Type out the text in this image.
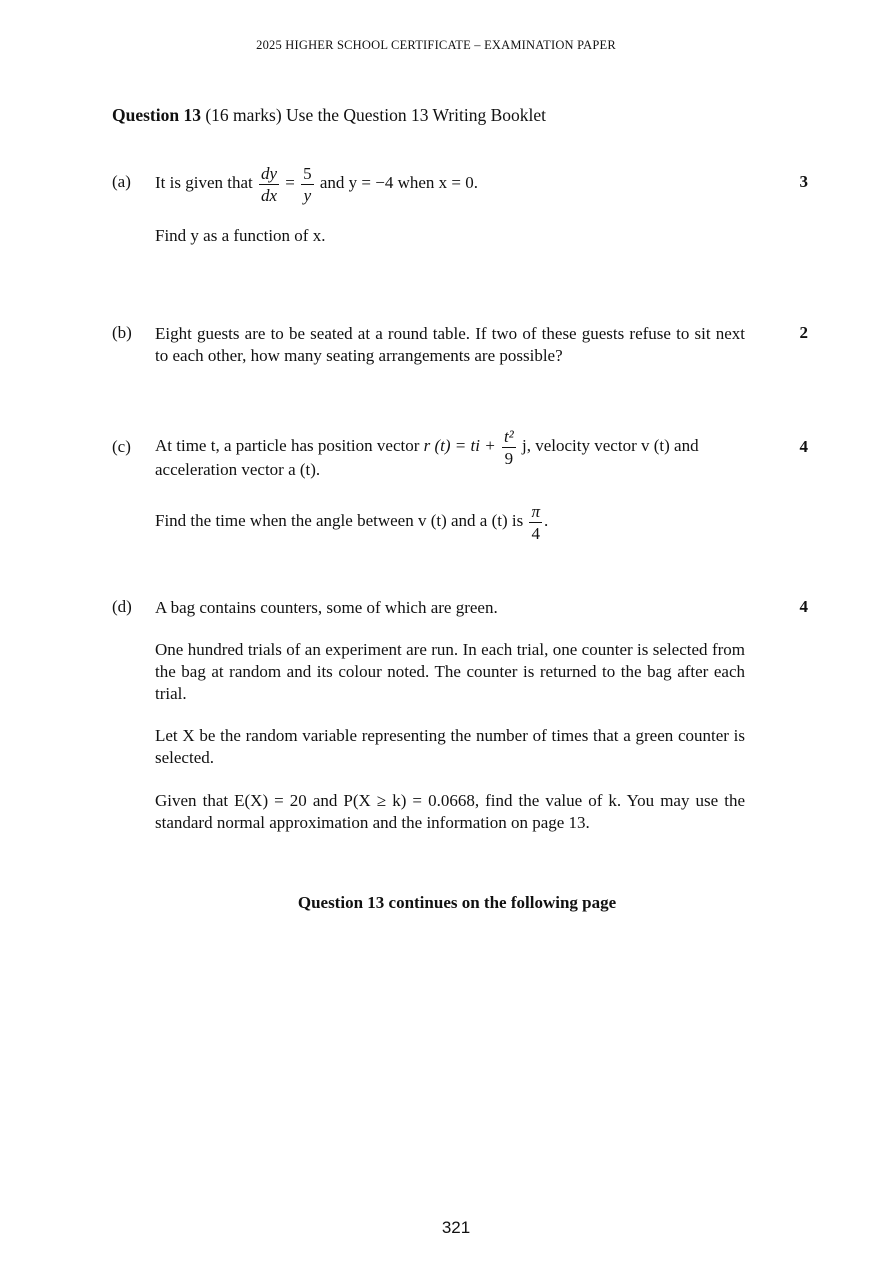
2025 HIGHER SCHOOL CERTIFICATE – EXAMINATION PAPER
Question 13 (16 marks) Use the Question 13 Writing Booklet
(a)	3
It is given that $\frac{dy}{dx} = \frac{5}{y}$ and y = −4 when x = 0.
Find y as a function of x.
(b)	2
Eight guests are to be seated at a round table. If two of these guests refuse to sit next to each other, how many seating arrangements are possible?
(c)	4
At time t, a particle has position vector r (t) = ti + $\frac{\text{t²}}{9} j$, velocity vector v (t) and
acceleration vector a (t).
Find the time when the angle between v (t) and a (t) is $\frac{\pi}{4}$ .
(d)	4
A bag contains counters, some of which are green.
One hundred trials of an experiment are run. In each trial, one counter is selected from the bag at random and its colour noted. The counter is returned to the bag after each trial.
Let X be the random variable representing the number of times that a green counter is selected.
Given that E(X) = 20 and P(X ≥ k) = 0.0668, find the value of k. You may use the standard normal approximation and the information on page 13.
Question 13 continues on the following page
321
